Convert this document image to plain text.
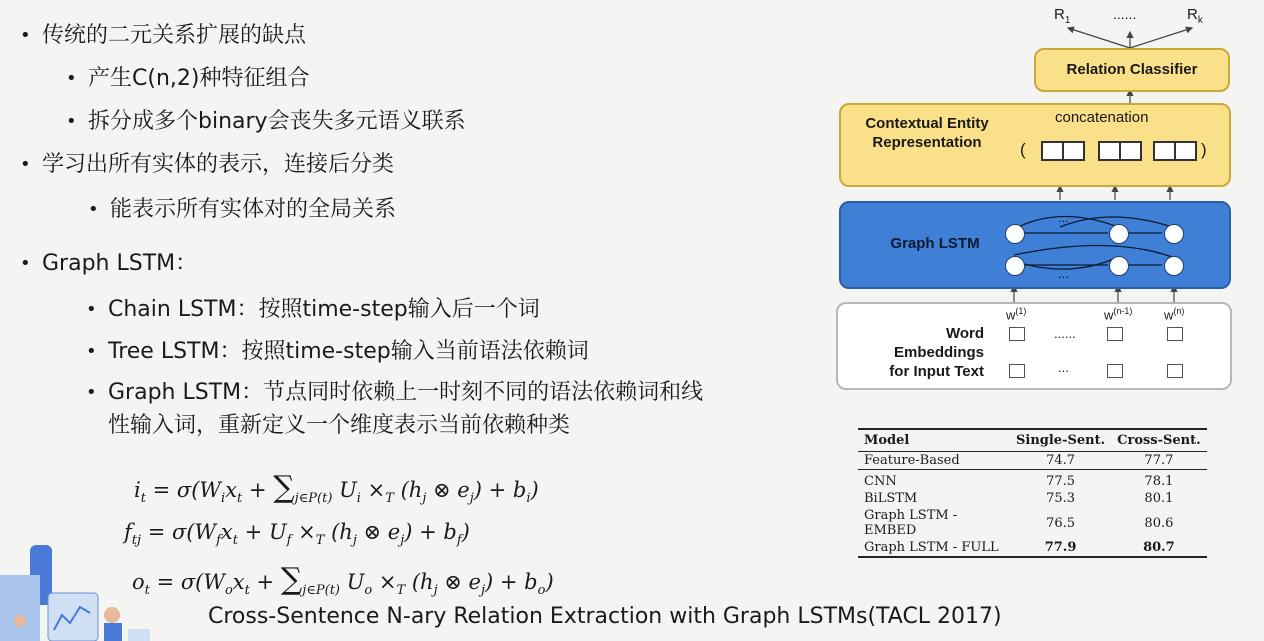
• 传统的二元关系扩展的缺点
• 产生C(n,2)种特征组合
• 拆分成多个binary会丧失多元语义联系
• 学习出所有实体的表示，连接后分类
• 能表示所有实体对的全局关系
• Graph LSTM：
• Chain LSTM：按照time-step输入后一个词
• Tree LSTM：按照time-step输入当前语法依赖词
• Graph LSTM：节点同时依赖上一时刻不同的语法依赖词和线
性输入词，重新定义一个维度表示当前依赖种类
$i_t = \sigma(W_ix_t + \sum_{j\in P(t)}$ $U_i \times_T$ ($h_j$ ⊗ $e_j) + b_i$)
$f_{tj} = \sigma(W_fx_t + U_f \times_T$ ($h_j$ ⊗ $e_j) + b_f$)
$o_t = \sigma(W_ox_t + \sum_{j\in P(t)}$ $U_o \times_T$ ($h_j$ ⊗ $e_j) + b_o$)
Cross-Sentence N-ary Relation Extraction with Graph LSTMs(TACL 2017)
$R_1$	......	$R_k$
Relation Classifier
Contextual Entity
Representation
concatenation
(	)
Graph LSTM
...
...
Word
Embeddings
for Input Text
$w^{(1)}$	$w^{(n-1)}$ $w^{(n)}$
......
...
Model	Single-Sent.	Cross-Sent.
Feature-Based	74.7	77.7
CNN	77.5	78.1
BiLSTM	75.3	80.1
Graph LSTM - EMBED	76.5	80.6
Graph LSTM - FULL	77.9	80.7
